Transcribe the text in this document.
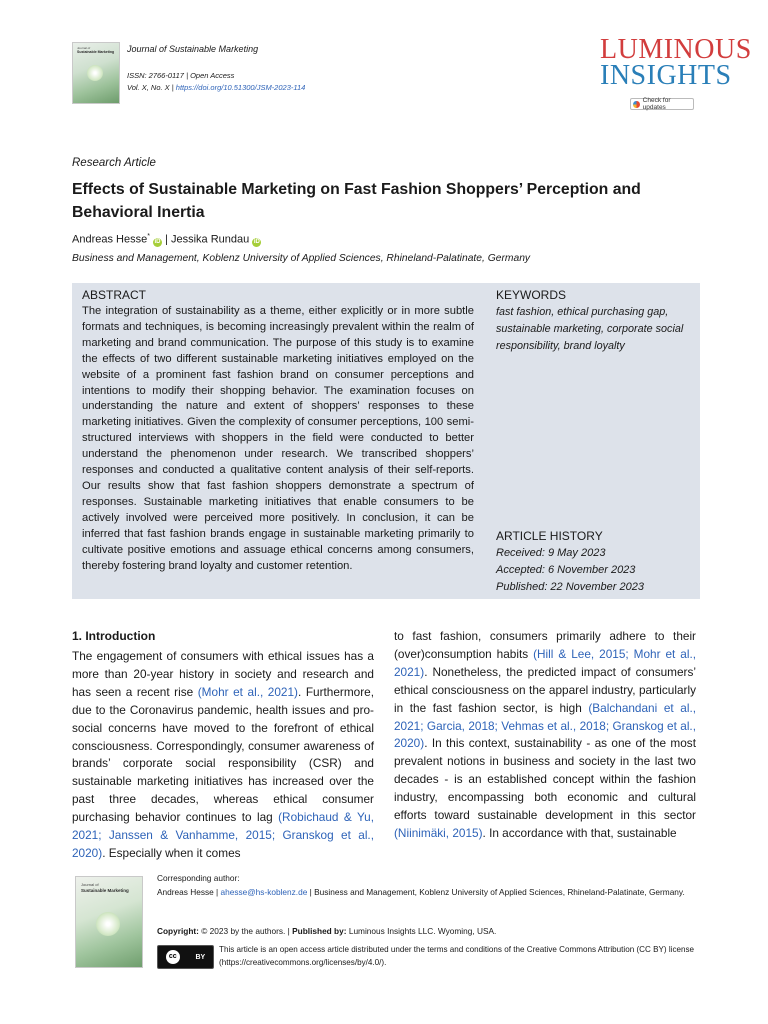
Journal of
Sustainable Marketing Journal of Sustainable Marketing
ISSN: 2766-0117 | Open Access
Vol. X, No. X | https://doi.org/10.51300/JSM-2023-114
LUMINOUS
INSIGHTS
Check for updates
Research Article
Effects of Sustainable Marketing on Fast Fashion Shoppers’ Perception and Behavioral Inertia
Andreas Hesse* iD | Jessika Rundau iD
Business and Management, Koblenz University of Applied Sciences, Rhineland-Palatinate, Germany
ABSTRACT
The integration of sustainability as a theme, either explicitly or in more subtle formats and techniques, is becoming increasingly prevalent within the realm of marketing and brand communication. The purpose of this study is to examine the effects of two different sustainable marketing initiatives employed on the website of a prominent fast fashion brand on consumer perceptions and intentions to modify their shopping behavior. The examination focuses on understanding the nature and extent of shoppers’ responses to these marketing initiatives. Given the complexity of consumer perceptions, 100 semi-structured interviews with shoppers in the field were conducted to better understand the phenomenon under research. We transcribed shoppers’ responses and conducted a qualitative content analysis of their self-reports. Our results show that fast fashion shoppers demonstrate a spectrum of responses. Sustainable marketing initiatives that enable consumers to be actively involved were perceived more positively. In conclusion, it can be inferred that fast fashion brands engage in sustainable marketing primarily to cultivate positive emotions and assuage ethical concerns among consumers, thereby fostering brand loyalty and customer retention.
KEYWORDS
fast fashion, ethical purchasing gap, sustainable marketing, corporate social responsibility, brand loyalty
ARTICLE HISTORY
Received: 9 May 2023
Accepted: 6 November 2023
Published: 22 November 2023
1. Introduction
The engagement of consumers with ethical issues has a more than 20-year history in society and research and has seen a recent rise (Mohr et al., 2021). Furthermore, due to the Coronavirus pandemic, health issues and pro-social concerns have moved to the forefront of ethical consciousness. Correspondingly, consumer awareness of brands’ corporate social responsibility (CSR) and sustainable marketing initiatives has increased over the past three decades, whereas ethical consumer purchasing behavior continues to lag (Robichaud & Yu, 2021; Janssen & Vanhamme, 2015; Granskog et al., 2020). Especially when it comes
to fast fashion, consumers primarily adhere to their (over)consumption habits (Hill & Lee, 2015; Mohr et al., 2021). Nonetheless, the predicted impact of consumers’ ethical consciousness on the apparel industry, particularly in the fast fashion sector, is high (Balchandani et al., 2021; Garcia, 2018; Vehmas et al., 2018; Granskog et al., 2020). In this context, sustainability - as one of the most prevalent notions in business and society in the last two decades - is an established concept within the fashion industry, encompassing both economic and cultural efforts toward sustainable development in this sector (Niinimäki, 2015). In accordance with that, sustainable
Journal of
Sustainable Marketing
Corresponding author:
Andreas Hesse | ahesse@hs-koblenz.de | Business and Management, Koblenz University of Applied Sciences, Rhineland-Palatinate, Germany.
Copyright: © 2023 by the authors. | Published by: Luminous Insights LLC. Wyoming, USA.
cc	BY
This article is an open access article distributed under the terms and conditions of the Creative Commons Attribution (CC BY) license (https://creativecommons.org/licenses/by/4.0/).
